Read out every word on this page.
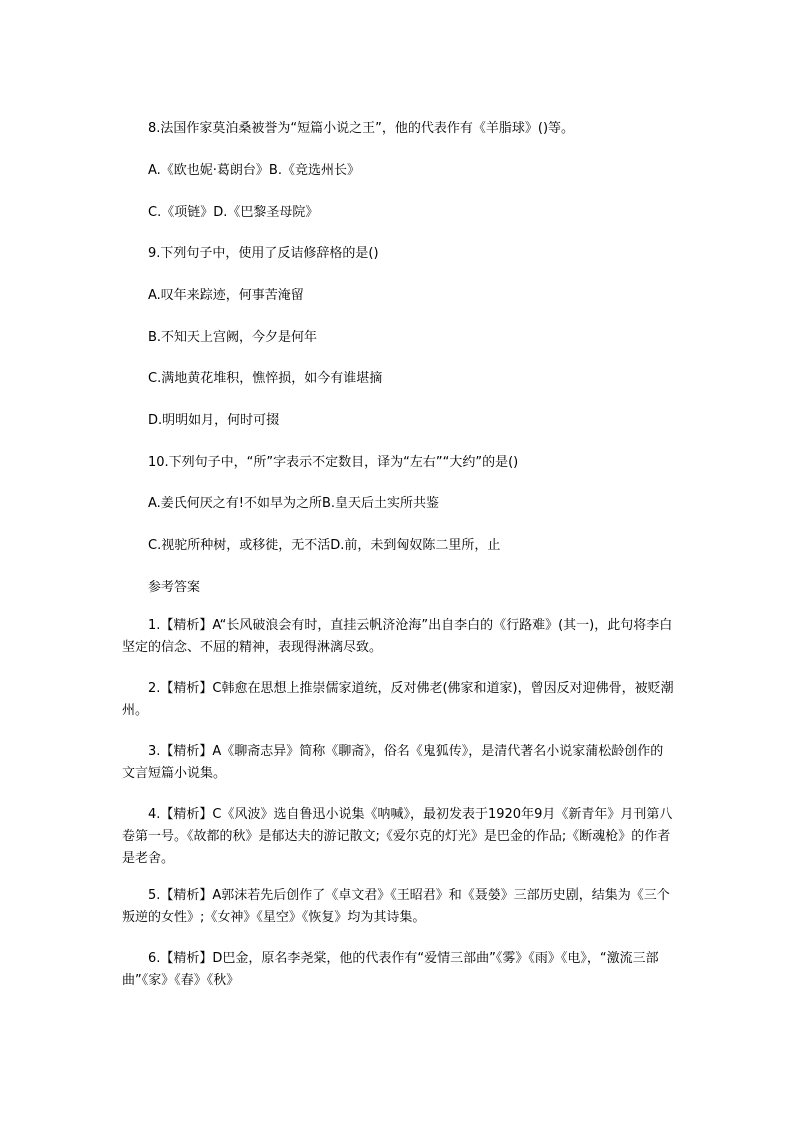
8.法国作家莫泊桑被誉为“短篇小说之王”，他的代表作有《羊脂球》()等。
A.《欧也妮·葛朗台》B.《竞选州长》
C.《项链》D.《巴黎圣母院》
9.下列句子中，使用了反诘修辞格的是()
A.叹年来踪迹，何事苦淹留
B.不知天上宫阙，今夕是何年
C.满地黄花堆积，憔悴损，如今有谁堪摘
D.明明如月，何时可掇
10.下列句子中，“所”字表示不定数目，译为“左右”“大约”的是()
A.姜氏何厌之有!不如早为之所B.皇天后土实所共鉴
C.视驼所种树，或移徙，无不活D.前，未到匈奴陈二里所，止
参考答案
1.【精析】A“长风破浪会有时，直挂云帆济沧海”出自李白的《行路难》(其一)，此句将李白坚定的信念、不屈的精神，表现得淋漓尽致。
2.【精析】C韩愈在思想上推崇儒家道统，反对佛老(佛家和道家)，曾因反对迎佛骨，被贬潮州。
3.【精析】A《聊斋志异》简称《聊斋》，俗名《鬼狐传》，是清代著名小说家蒲松龄创作的文言短篇小说集。
4.【精析】C《风波》选自鲁迅小说集《呐喊》，最初发表于1920年9月《新青年》月刊第八卷第一号。《故都的秋》是郁达夫的游记散文;《爱尔克的灯光》是巴金的作品;《断魂枪》的作者是老舍。
5.【精析】A郭沫若先后创作了《卓文君》《王昭君》和《聂嫈》三部历史剧，结集为《三个叛逆的女性》;《女神》《星空》《恢复》均为其诗集。
6.【精析】D巴金，原名李尧棠，他的代表作有“爱情三部曲”《雾》《雨》《电》，“激流三部曲”《家》《春》《秋》
